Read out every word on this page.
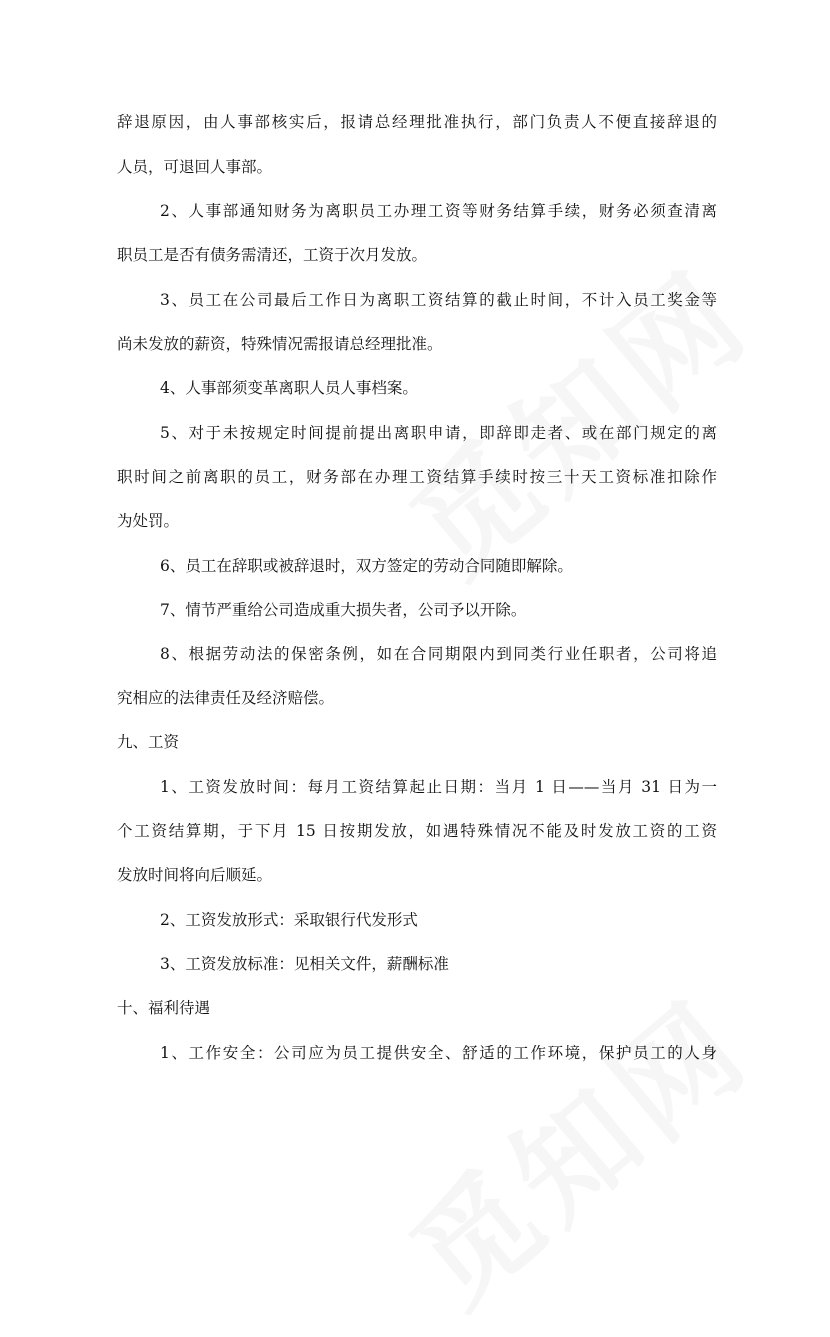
辞退原因，由人事部核实后，报请总经理批准执行，部门负责人不便直接辞退的
人员，可退回人事部。
2、人事部通知财务为离职员工办理工资等财务结算手续，财务必须查清离
职员工是否有债务需清还，工资于次月发放。
3、员工在公司最后工作日为离职工资结算的截止时间，不计入员工奖金等
尚未发放的薪资，特殊情况需报请总经理批准。
4、人事部须变革离职人员人事档案。
5、对于未按规定时间提前提出离职申请，即辞即走者、或在部门规定的离
职时间之前离职的员工，财务部在办理工资结算手续时按三十天工资标准扣除作
为处罚。
6、员工在辞职或被辞退时，双方签定的劳动合同随即解除。
7、情节严重给公司造成重大损失者，公司予以开除。
8、根据劳动法的保密条例，如在合同期限内到同类行业任职者，公司将追
究相应的法律责任及经济赔偿。
九、工资
1、工资发放时间：每月工资结算起止日期：当月 1 日——当月 31 日为一
个工资结算期，于下月 15 日按期发放，如遇特殊情况不能及时发放工资的工资
发放时间将向后顺延。
2、工资发放形式：采取银行代发形式
3、工资发放标准：见相关文件，薪酬标准
十、福利待遇
1、工作安全：公司应为员工提供安全、舒适的工作环境，保护员工的人身
